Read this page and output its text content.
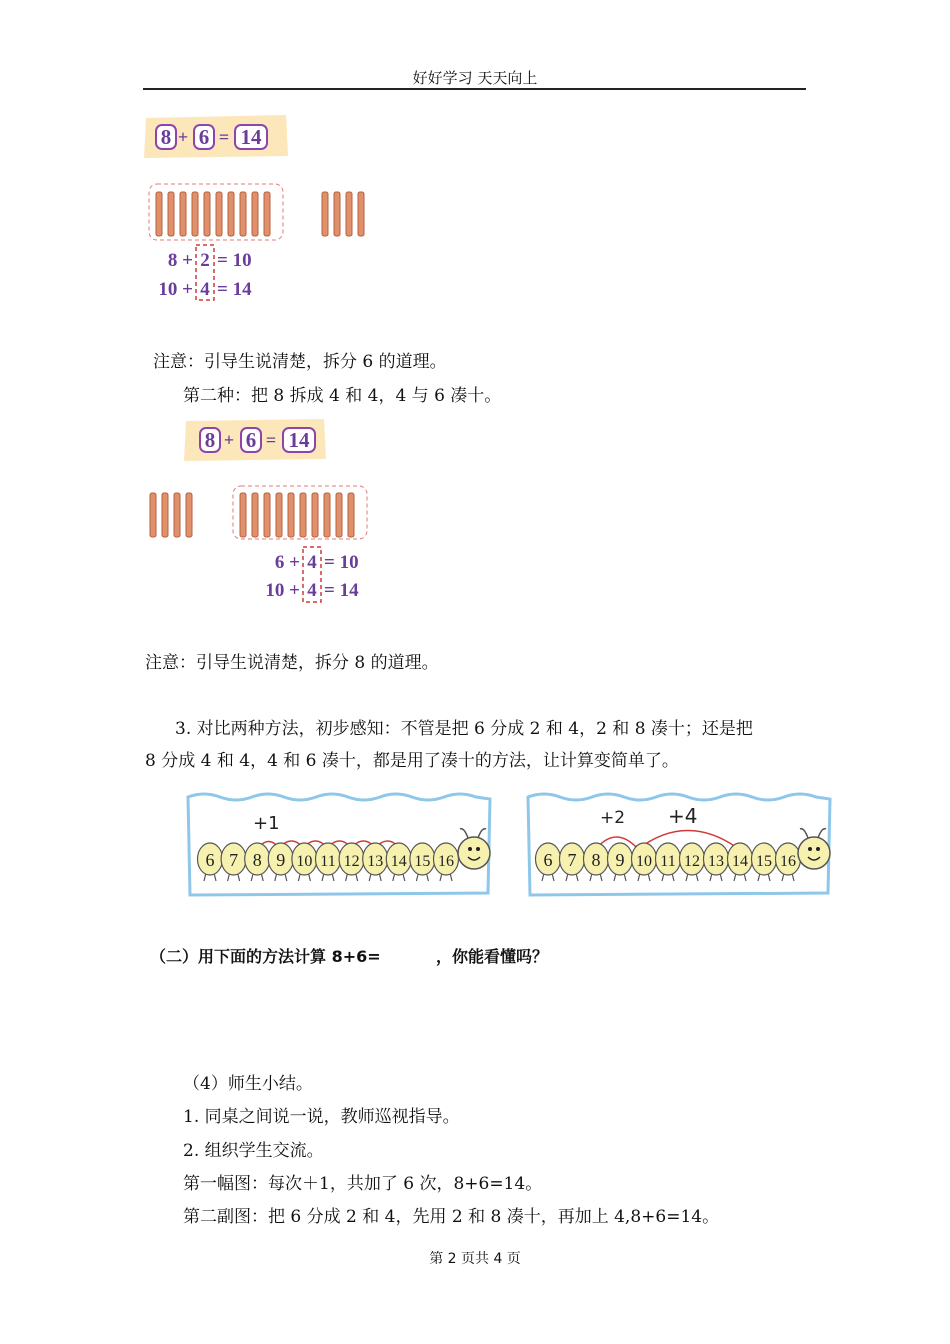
好好学习 天天向上
8 + 6 = 14
8 + 2 = 10
10 + 4 = 14
注意：引导生说清楚，拆分 6 的道理。
第二种：把 8 拆成 4 和 4，4 与 6 凑十。
8 + 6 = 14
6 + 4 = 10
10 + 4 = 14
注意：引导生说清楚，拆分 8 的道理。
3. 对比两种方法，初步感知：不管是把 6 分成 2 和 4，2 和 8 凑十；还是把
8 分成 4 和 4，4 和 6 凑十，都是用了凑十的方法，让计算变简单了。
+1
6 7 8 9 10 11 12 13 14 15 16
+2 +4
6 7 8 9 10 11 12 13 14 15 16
（二）用下面的方法计算 8+6=	，你能看懂吗？
（4）师生小结。
1. 同桌之间说一说，教师巡视指导。
2. 组织学生交流。
第一幅图：每次＋1，共加了 6 次，8+6=14。
第二副图：把 6 分成 2 和 4，先用 2 和 8 凑十，再加上 4,8+6=14。
第 2 页共 4 页
